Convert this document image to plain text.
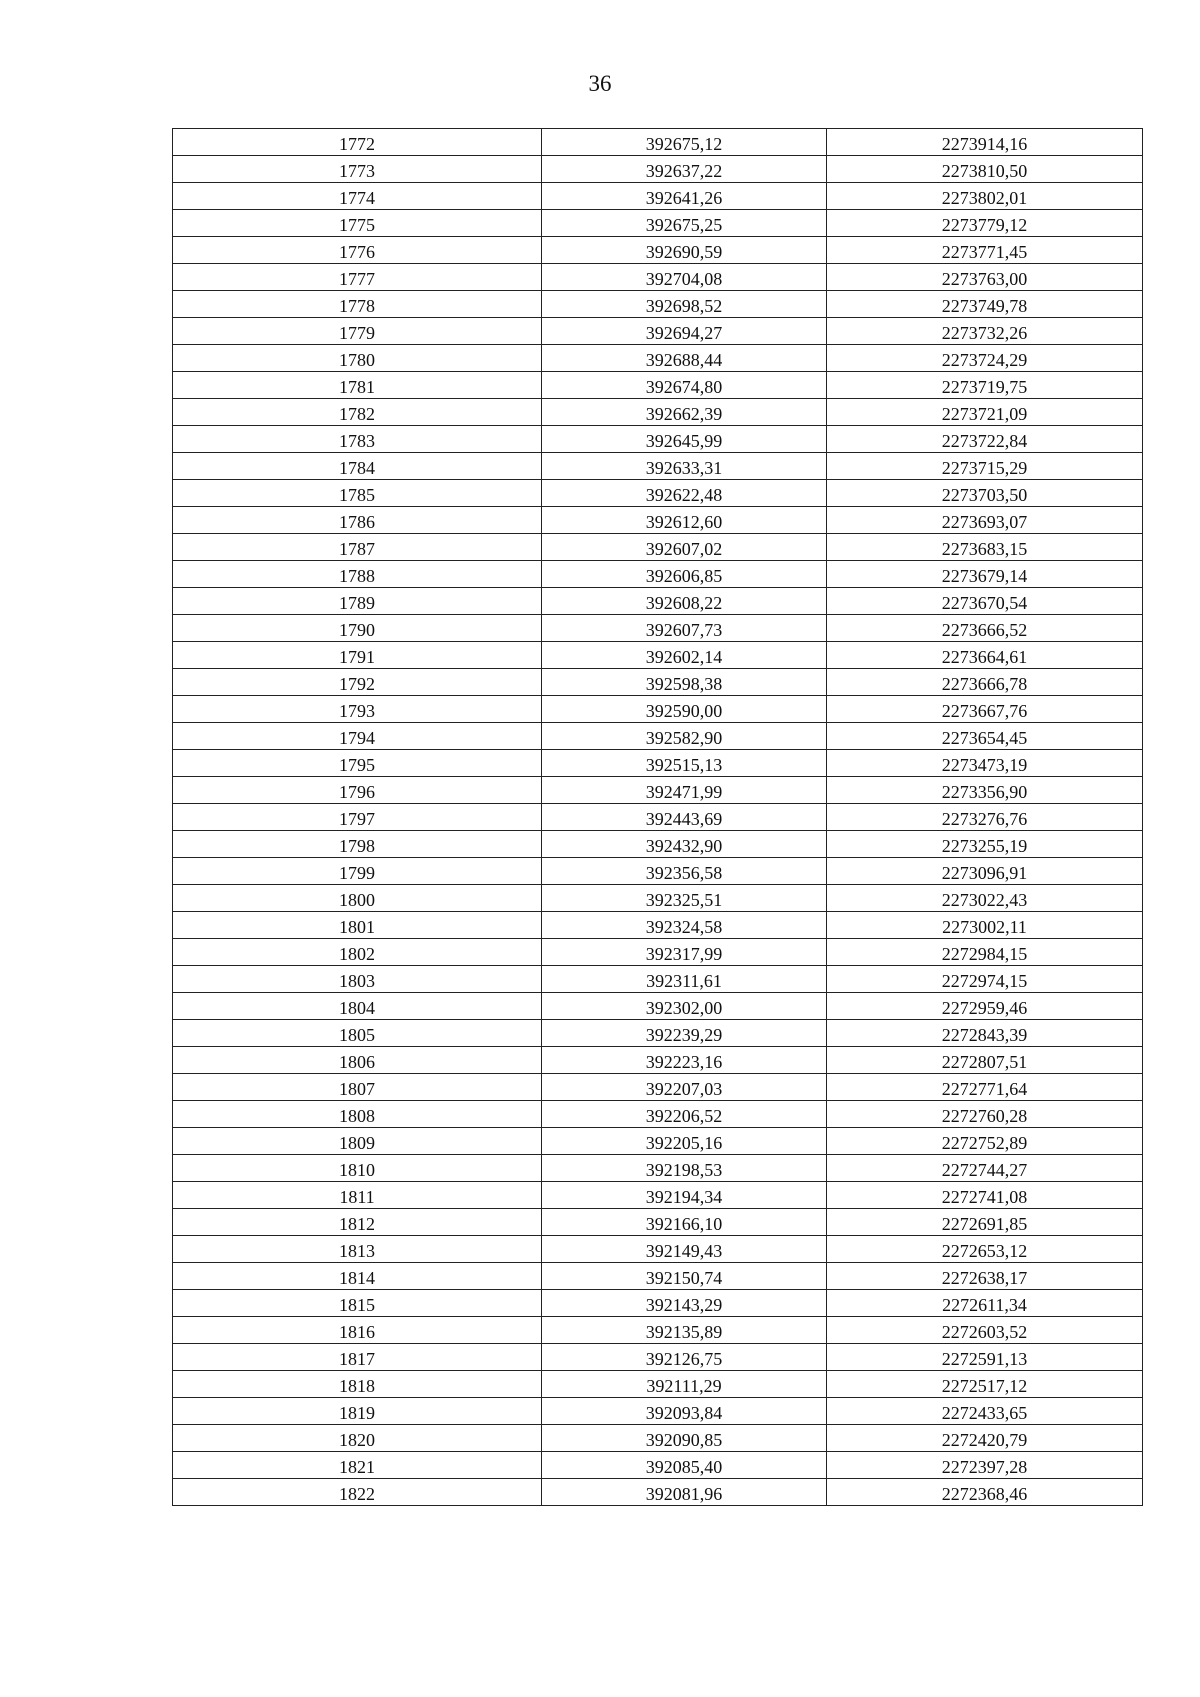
36
1772	392675,12	2273914,16
1773	392637,22	2273810,50
1774	392641,26	2273802,01
1775	392675,25	2273779,12
1776	392690,59	2273771,45
1777	392704,08	2273763,00
1778	392698,52	2273749,78
1779	392694,27	2273732,26
1780	392688,44	2273724,29
1781	392674,80	2273719,75
1782	392662,39	2273721,09
1783	392645,99	2273722,84
1784	392633,31	2273715,29
1785	392622,48	2273703,50
1786	392612,60	2273693,07
1787	392607,02	2273683,15
1788	392606,85	2273679,14
1789	392608,22	2273670,54
1790	392607,73	2273666,52
1791	392602,14	2273664,61
1792	392598,38	2273666,78
1793	392590,00	2273667,76
1794	392582,90	2273654,45
1795	392515,13	2273473,19
1796	392471,99	2273356,90
1797	392443,69	2273276,76
1798	392432,90	2273255,19
1799	392356,58	2273096,91
1800	392325,51	2273022,43
1801	392324,58	2273002,11
1802	392317,99	2272984,15
1803	392311,61	2272974,15
1804	392302,00	2272959,46
1805	392239,29	2272843,39
1806	392223,16	2272807,51
1807	392207,03	2272771,64
1808	392206,52	2272760,28
1809	392205,16	2272752,89
1810	392198,53	2272744,27
1811	392194,34	2272741,08
1812	392166,10	2272691,85
1813	392149,43	2272653,12
1814	392150,74	2272638,17
1815	392143,29	2272611,34
1816	392135,89	2272603,52
1817	392126,75	2272591,13
1818	392111,29	2272517,12
1819	392093,84	2272433,65
1820	392090,85	2272420,79
1821	392085,40	2272397,28
1822	392081,96	2272368,46
